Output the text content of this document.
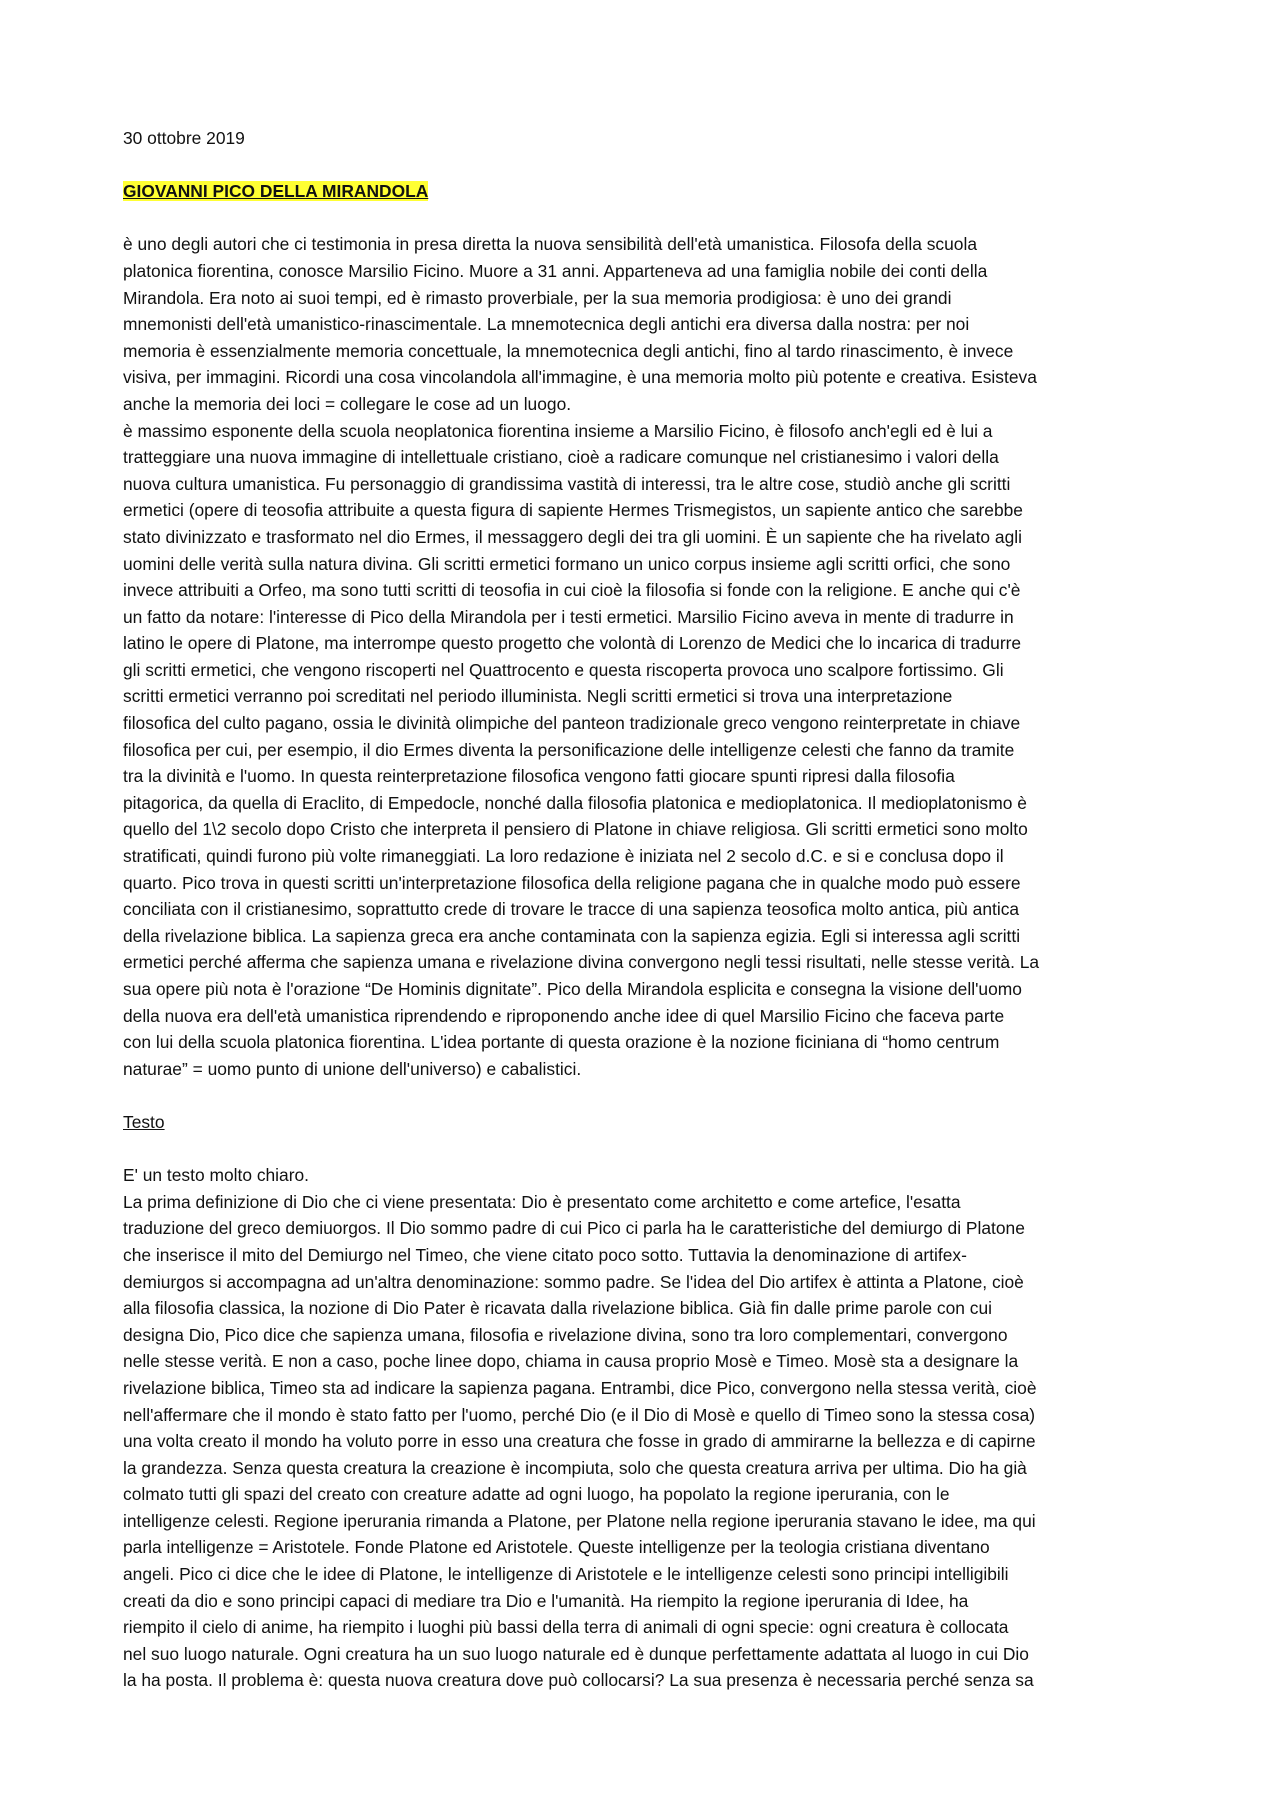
30 ottobre 2019
GIOVANNI PICO DELLA MIRANDOLA
è uno degli autori che ci testimonia in presa diretta la nuova sensibilità dell'età umanistica. Filosofa della scuola
platonica fiorentina, conosce Marsilio Ficino. Muore a 31 anni. Apparteneva ad una famiglia nobile dei conti della
Mirandola. Era noto ai suoi tempi, ed è rimasto proverbiale, per la sua memoria prodigiosa: è uno dei grandi
mnemonisti dell'età umanistico-rinascimentale. La mnemotecnica degli antichi era diversa dalla nostra: per noi
memoria è essenzialmente memoria concettuale, la mnemotecnica degli antichi, fino al tardo rinascimento, è invece
visiva, per immagini. Ricordi una cosa vincolandola all'immagine, è una memoria molto più potente e creativa. Esisteva
anche la memoria dei loci = collegare le cose ad un luogo.
è massimo esponente della scuola neoplatonica fiorentina insieme a Marsilio Ficino, è filosofo anch'egli ed è lui a
tratteggiare una nuova immagine di intellettuale cristiano, cioè a radicare comunque nel cristianesimo i valori della
nuova cultura umanistica. Fu personaggio di grandissima vastità di interessi, tra le altre cose, studiò anche gli scritti
ermetici (opere di teosofia attribuite a questa figura di sapiente Hermes Trismegistos, un sapiente antico che sarebbe
stato divinizzato e trasformato nel dio Ermes, il messaggero degli dei tra gli uomini. È un sapiente che ha rivelato agli
uomini delle verità sulla natura divina. Gli scritti ermetici formano un unico corpus insieme agli scritti orfici, che sono
invece attribuiti a Orfeo, ma sono tutti scritti di teosofia in cui cioè la filosofia si fonde con la religione. E anche qui c'è
un fatto da notare: l'interesse di Pico della Mirandola per i testi ermetici. Marsilio Ficino aveva in mente di tradurre in
latino le opere di Platone, ma interrompe questo progetto che volontà di Lorenzo de Medici che lo incarica di tradurre
gli scritti ermetici, che vengono riscoperti nel Quattrocento e questa riscoperta provoca uno scalpore fortissimo. Gli
scritti ermetici verranno poi screditati nel periodo illuminista. Negli scritti ermetici si trova una interpretazione
filosofica del culto pagano, ossia le divinità olimpiche del panteon tradizionale greco vengono reinterpretate in chiave
filosofica per cui, per esempio, il dio Ermes diventa la personificazione delle intelligenze celesti che fanno da tramite
tra la divinità e l'uomo. In questa reinterpretazione filosofica vengono fatti giocare spunti ripresi dalla filosofia
pitagorica, da quella di Eraclito, di Empedocle, nonché dalla filosofia platonica e medioplatonica. Il medioplatonismo è
quello del 1\2 secolo dopo Cristo che interpreta il pensiero di Platone in chiave religiosa. Gli scritti ermetici sono molto
stratificati, quindi furono più volte rimaneggiati. La loro redazione è iniziata nel 2 secolo d.C. e si e conclusa dopo il
quarto. Pico trova in questi scritti un'interpretazione filosofica della religione pagana che in qualche modo può essere
conciliata con il cristianesimo, soprattutto crede di trovare le tracce di una sapienza teosofica molto antica, più antica
della rivelazione biblica. La sapienza greca era anche contaminata con la sapienza egizia. Egli si interessa agli scritti
ermetici perché afferma che sapienza umana e rivelazione divina convergono negli tessi risultati, nelle stesse verità. La
sua opere più nota è l'orazione “De Hominis dignitate”. Pico della Mirandola esplicita e consegna la visione dell'uomo
della nuova era dell'età umanistica riprendendo e riproponendo anche idee di quel Marsilio Ficino che faceva parte
con lui della scuola platonica fiorentina. L'idea portante di questa orazione è la nozione ficiniana di “homo centrum
naturae” = uomo punto di unione dell'universo) e cabalistici.
Testo
E' un testo molto chiaro.
La prima definizione di Dio che ci viene presentata: Dio è presentato come architetto e come artefice, l'esatta
traduzione del greco demiuorgos. Il Dio sommo padre di cui Pico ci parla ha le caratteristiche del demiurgo di Platone
che inserisce il mito del Demiurgo nel Timeo, che viene citato poco sotto. Tuttavia la denominazione di artifex-
demiurgos si accompagna ad un'altra denominazione: sommo padre. Se l'idea del Dio artifex è attinta a Platone, cioè
alla filosofia classica, la nozione di Dio Pater è ricavata dalla rivelazione biblica. Già fin dalle prime parole con cui
designa Dio, Pico dice che sapienza umana, filosofia e rivelazione divina, sono tra loro complementari, convergono
nelle stesse verità. E non a caso, poche linee dopo, chiama in causa proprio Mosè e Timeo. Mosè sta a designare la
rivelazione biblica, Timeo sta ad indicare la sapienza pagana. Entrambi, dice Pico, convergono nella stessa verità, cioè
nell'affermare che il mondo è stato fatto per l'uomo, perché Dio (e il Dio di Mosè e quello di Timeo sono la stessa cosa)
una volta creato il mondo ha voluto porre in esso una creatura che fosse in grado di ammirarne la bellezza e di capirne
la grandezza. Senza questa creatura la creazione è incompiuta, solo che questa creatura arriva per ultima. Dio ha già
colmato tutti gli spazi del creato con creature adatte ad ogni luogo, ha popolato la regione iperurania, con le
intelligenze celesti. Regione iperurania rimanda a Platone, per Platone nella regione iperurania stavano le idee, ma qui
parla intelligenze = Aristotele. Fonde Platone ed Aristotele. Queste intelligenze per la teologia cristiana diventano
angeli. Pico ci dice che le idee di Platone, le intelligenze di Aristotele e le intelligenze celesti sono principi intelligibili
creati da dio e sono principi capaci di mediare tra Dio e l'umanità. Ha riempito la regione iperurania di Idee, ha
riempito il cielo di anime, ha riempito i luoghi più bassi della terra di animali di ogni specie: ogni creatura è collocata
nel suo luogo naturale. Ogni creatura ha un suo luogo naturale ed è dunque perfettamente adattata al luogo in cui Dio
la ha posta. Il problema è: questa nuova creatura dove può collocarsi? La sua presenza è necessaria perché senza sa
